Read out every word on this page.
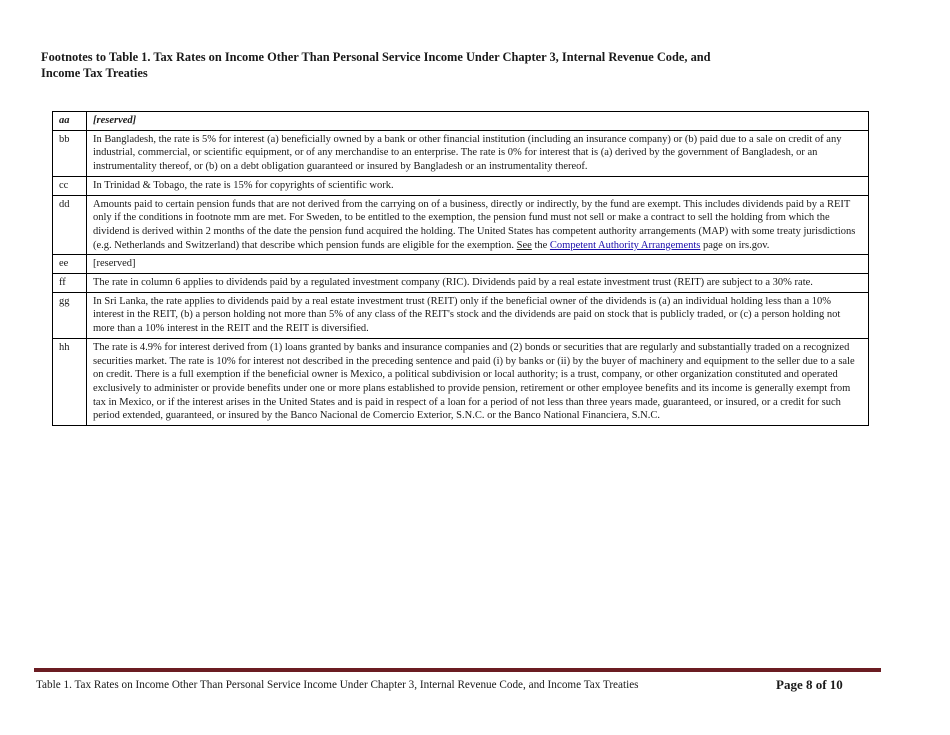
Footnotes to Table 1. Tax Rates on Income Other Than Personal Service Income Under Chapter 3, Internal Revenue Code, and
Income Tax Treaties
aa	[reserved]
bb	In Bangladesh, the rate is 5% for interest (a) beneficially owned by a bank or other financial institution (including an insurance company) or (b) paid due to a sale on credit of any industrial, commercial, or scientific equipment, or of any merchandise to an enterprise. The rate is 0% for interest that is (a) derived by the government of Bangladesh, or an instrumentality thereof, or (b) on a debt obligation guaranteed or insured by Bangladesh or an instrumentality thereof.
cc	In Trinidad & Tobago, the rate is 15% for copyrights of scientific work.
dd	Amounts paid to certain pension funds that are not derived from the carrying on of a business, directly or indirectly, by the fund are exempt. This includes dividends paid by a REIT only if the conditions in footnote mm are met. For Sweden, to be entitled to the exemption, the pension fund must not sell or make a contract to sell the holding from which the dividend is derived within 2 months of the date the pension fund acquired the holding. The United States has competent authority arrangements (MAP) with some treaty jurisdictions (e.g. Netherlands and Switzerland) that describe which pension funds are eligible for the exemption. See the Competent Authority Arrangements page on irs.gov.
ee	[reserved]
ff	The rate in column 6 applies to dividends paid by a regulated investment company (RIC). Dividends paid by a real estate investment trust (REIT) are subject to a 30% rate.
gg	In Sri Lanka, the rate applies to dividends paid by a real estate investment trust (REIT) only if the beneficial owner of the dividends is (a) an individual holding less than a 10% interest in the REIT, (b) a person holding not more than 5% of any class of the REIT's stock and the dividends are paid on stock that is publicly traded, or (c) a person holding not more than a 10% interest in the REIT and the REIT is diversified.
hh	The rate is 4.9% for interest derived from (1) loans granted by banks and insurance companies and (2) bonds or securities that are regularly and substantially traded on a recognized securities market. The rate is 10% for interest not described in the preceding sentence and paid (i) by banks or (ii) by the buyer of machinery and equipment to the seller due to a sale on credit. There is a full exemption if the beneficial owner is Mexico, a political subdivision or local authority; is a trust, company, or other organization constituted and operated exclusively to administer or provide benefits under one or more plans established to provide pension, retirement or other employee benefits and its income is generally exempt from tax in Mexico, or if the interest arises in the United States and is paid in respect of a loan for a period of not less than three years made, guaranteed, or insured, or a credit for such period extended, guaranteed, or insured by the Banco Nacional de Comercio Exterior, S.N.C. or the Banco National Financiera, S.N.C.
Table 1. Tax Rates on Income Other Than Personal Service Income Under Chapter 3, Internal Revenue Code, and Income Tax Treaties	Page 8 of 10
